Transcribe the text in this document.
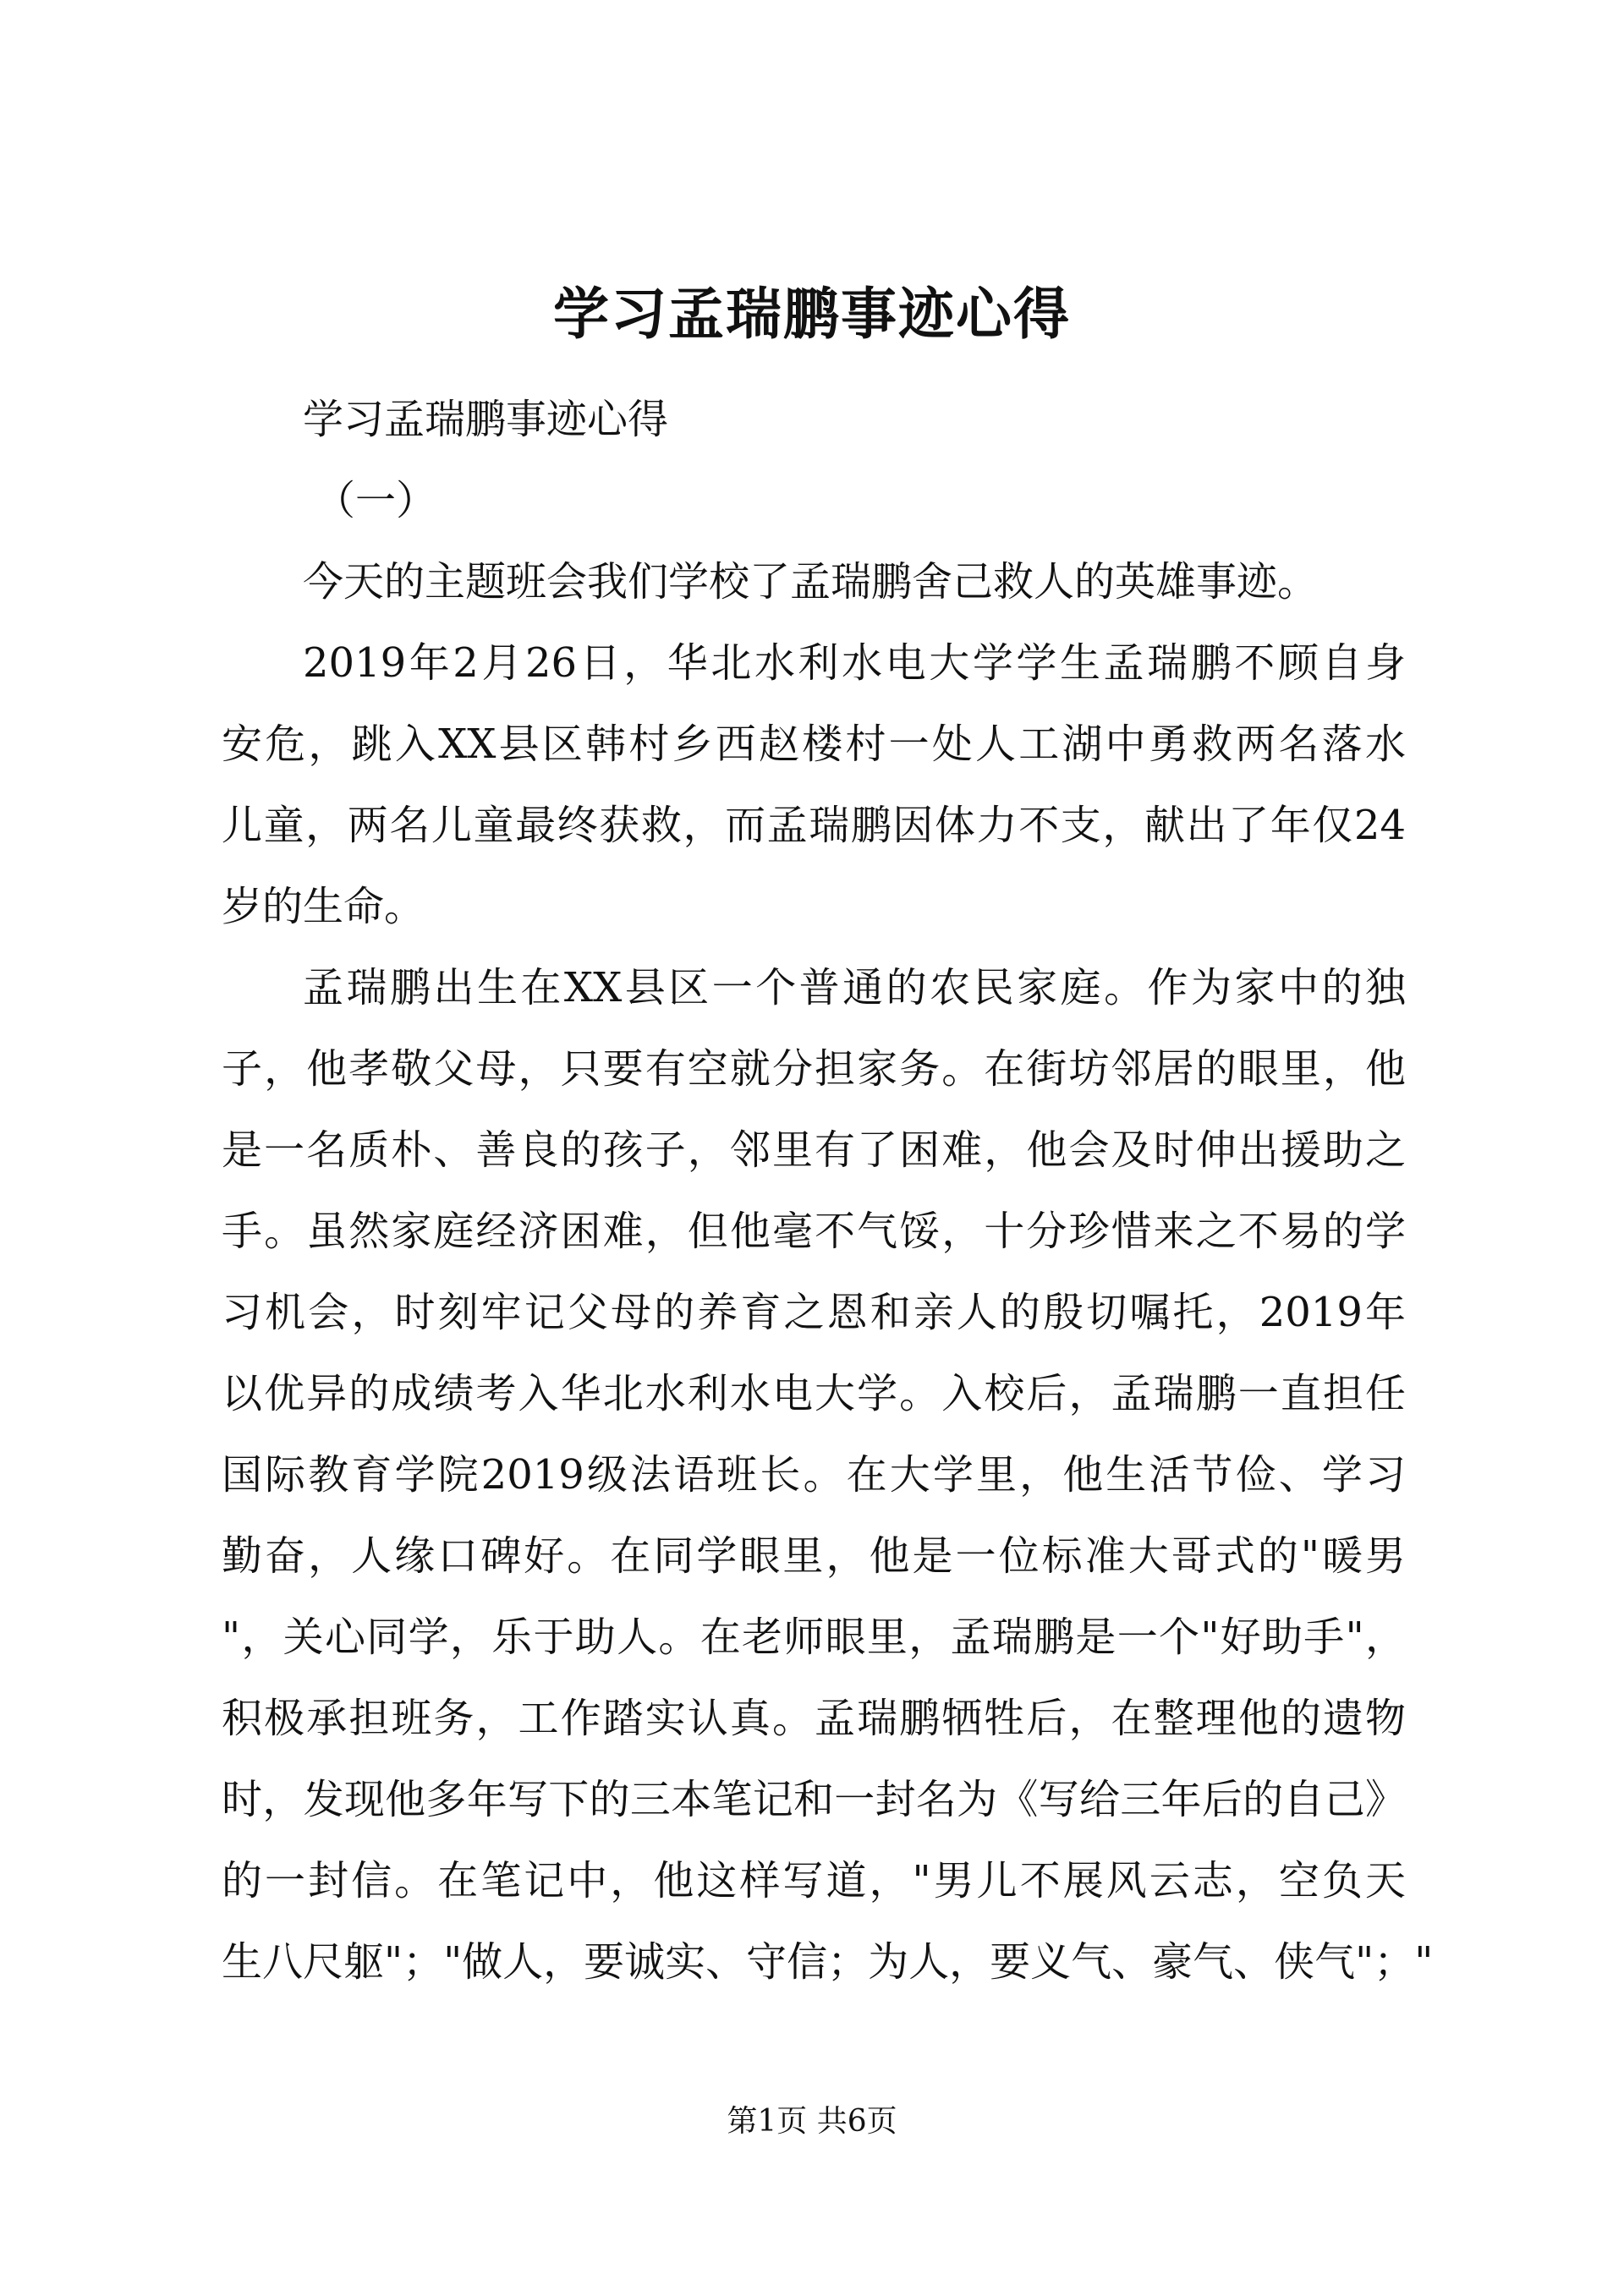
学习孟瑞鹏事迹心得
学习孟瑞鹏事迹心得
（一）
今天的主题班会我们学校了孟瑞鹏舍己救人的英雄事迹。
2019年2月26日，华北水利水电大学学生孟瑞鹏不顾自身
安危，跳入XX县区韩村乡西赵楼村一处人工湖中勇救两名落水
儿童，两名儿童最终获救，而孟瑞鹏因体力不支，献出了年仅24
岁的生命。
孟瑞鹏出生在XX县区一个普通的农民家庭。作为家中的独
子，他孝敬父母，只要有空就分担家务。在街坊邻居的眼里，他
是一名质朴、善良的孩子，邻里有了困难，他会及时伸出援助之
手。虽然家庭经济困难，但他毫不气馁，十分珍惜来之不易的学
习机会，时刻牢记父母的养育之恩和亲人的殷切嘱托，2019年
以优异的成绩考入华北水利水电大学。入校后，孟瑞鹏一直担任
国际教育学院2019级法语班长。在大学里，他生活节俭、学习
勤奋，人缘口碑好。在同学眼里，他是一位标准大哥式的"暖男
"，关心同学，乐于助人。在老师眼里，孟瑞鹏是一个"好助手"，
积极承担班务，工作踏实认真。孟瑞鹏牺牲后，在整理他的遗物
时，发现他多年写下的三本笔记和一封名为《写给三年后的自己》
的一封信。在笔记中，他这样写道，"男儿不展风云志，空负天
生八尺躯"；"做人，要诚实、守信；为人，要义气、豪气、侠气"；"
第1页 共6页
